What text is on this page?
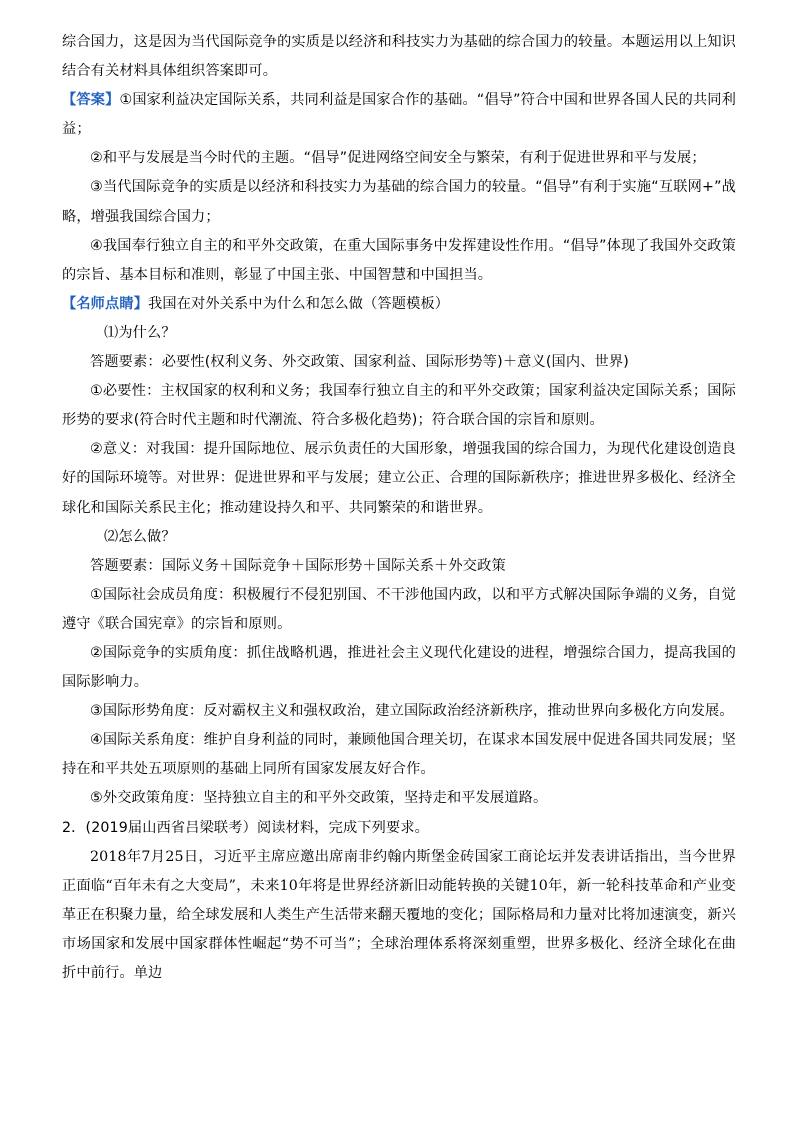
综合国力，这是因为当代国际竞争的实质是以经济和科技实力为基础的综合国力的较量。本题运用以上知识结合有关材料具体组织答案即可。

【答案】①国家利益决定国际关系，共同利益是国家合作的基础。“倡导”符合中国和世界各国人民的共同利益；

②和平与发展是当今时代的主题。“倡导”促进网络空间安全与繁荣，有利于促进世界和平与发展；

③当代国际竞争的实质是以经济和科技实力为基础的综合国力的较量。“倡导”有利于实施“互联网+”战略，增强我国综合国力；

④我国奉行独立自主的和平外交政策，在重大国际事务中发挥建设性作用。“倡导”体现了我国外交政策的宗旨、基本目标和准则，彰显了中国主张、中国智慧和中国担当。

【名师点睛】我国在对外关系中为什么和怎么做（答题模板）

⑴为什么？

答题要素：必要性(权利义务、外交政策、国家利益、国际形势等)＋意义(国内、世界)

①必要性：主权国家的权利和义务；我国奉行独立自主的和平外交政策；国家利益决定国际关系；国际形势的要求(符合时代主题和时代潮流、符合多极化趋势)；符合联合国的宗旨和原则。

②意义：对我国：提升国际地位、展示负责任的大国形象，增强我国的综合国力，为现代化建设创造良好的国际环境等。对世界：促进世界和平与发展；建立公正、合理的国际新秩序；推进世界多极化、经济全球化和国际关系民主化；推动建设持久和平、共同繁荣的和谐世界。

⑵怎么做？

答题要素：国际义务＋国际竞争＋国际形势＋国际关系＋外交政策

①国际社会成员角度：积极履行不侵犯别国、不干涉他国内政，以和平方式解决国际争端的义务，自觉遵守《联合国宪章》的宗旨和原则。

②国际竞争的实质角度：抓住战略机遇，推进社会主义现代化建设的进程，增强综合国力，提高我国的国际影响力。

③国际形势角度：反对霸权主义和强权政治，建立国际政治经济新秩序，推动世界向多极化方向发展。

④国际关系角度：维护自身利益的同时，兼顾他国合理关切，在谋求本国发展中促进各国共同发展；坚持在和平共处五项原则的基础上同所有国家发展友好合作。

⑤外交政策角度：坚持独立自主的和平外交政策，坚持走和平发展道路。

2．(2019届山西省吕梁联考）阅读材料，完成下列要求。

2018年7月25日，习近平主席应邀出席南非约翰内斯堡金砖国家工商论坛并发表讲话指出，当今世界正面临“百年未有之大变局”，未来10年将是世界经济新旧动能转换的关键10年，新一轮科技革命和产业变革正在积聚力量，给全球发展和人类生产生活带来翻天覆地的变化；国际格局和力量对比将加速演变，新兴市场国家和发展中国家群体性崛起“势不可当”；全球治理体系将深刻重塑，世界多极化、经济全球化在曲折中前行。单边
